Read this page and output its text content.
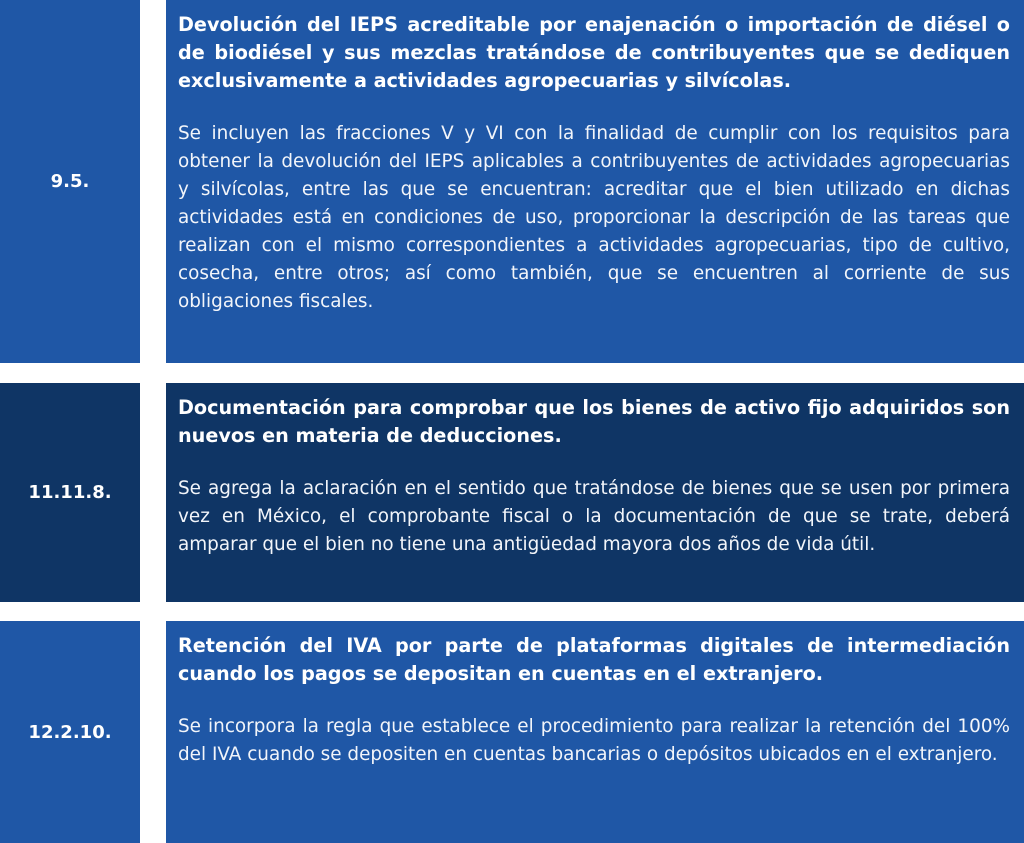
9.5.

Devolución del IEPS acreditable por enajenación o importación de diésel o de biodiésel y sus mezclas tratándose de contribuyentes que se dediquen exclusivamente a actividades agropecuarias y silvícolas.

Se incluyen las fracciones V y VI con la finalidad de cumplir con los requisitos para obtener la devolución del IEPS aplicables a contribuyentes de actividades agropecuarias y silvícolas, entre las que se encuentran: acreditar que el bien utilizado en dichas actividades está en condiciones de uso, proporcionar la descripción de las tareas que realizan con el mismo correspondientes a actividades agropecuarias, tipo de cultivo, cosecha, entre otros; así como también, que se encuentren al corriente de sus obligaciones fiscales.

11.11.8.

Documentación para comprobar que los bienes de activo fijo adquiridos son nuevos en materia de deducciones.

Se agrega la aclaración en el sentido que tratándose de bienes que se usen por primera vez en México, el comprobante fiscal o la documentación de que se trate, deberá amparar que el bien no tiene una antigüedad mayora dos años de vida útil.

12.2.10.

Retención del IVA por parte de plataformas digitales de intermediación cuando los pagos se depositan en cuentas en el extranjero.

Se incorpora la regla que establece el procedimiento para realizar la retención del 100% del IVA cuando se depositen en cuentas bancarias o depósitos ubicados en el extranjero.
